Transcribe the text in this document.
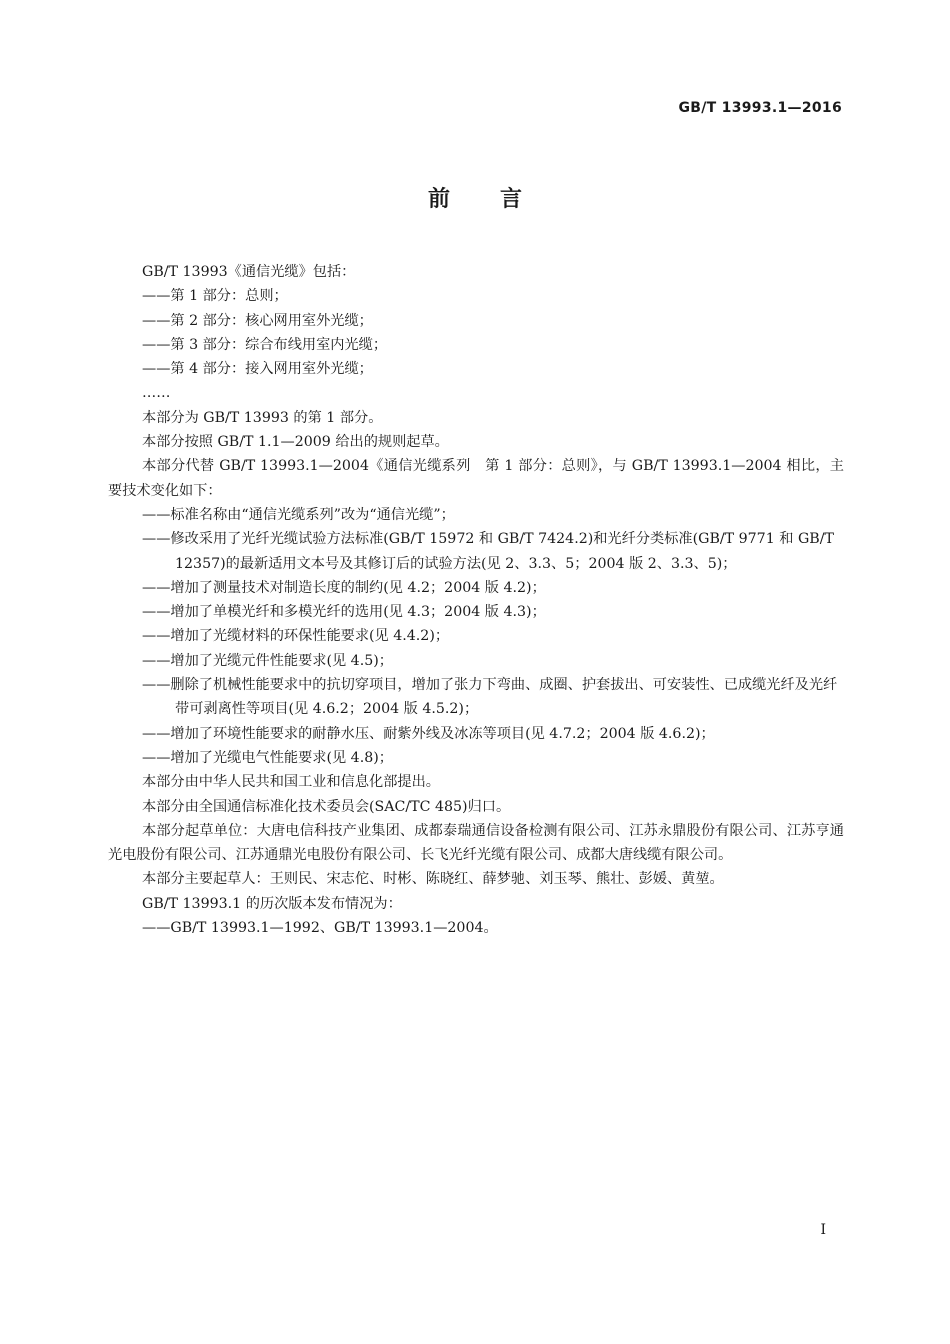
GB/T 13993.1—2016
前言

GB/T 13993《通信光缆》包括：

——第 1 部分：总则；

——第 2 部分：核心网用室外光缆；

——第 3 部分：综合布线用室内光缆；

——第 4 部分：接入网用室外光缆；

……

本部分为 GB/T 13993 的第 1 部分。

本部分按照 GB/T 1.1—2009 给出的规则起草。

本部分代替 GB/T 13993.1—2004《通信光缆系列　第 1 部分：总则》，与 GB/T 13993.1—2004 相比，主要技术变化如下：

——标准名称由“通信光缆系列”改为“通信光缆”；

——修改采用了光纤光缆试验方法标准(GB/T 15972 和 GB/T 7424.2)和光纤分类标准(GB/T 9771 和 GB/T 12357)的最新适用文本号及其修订后的试验方法(见 2、3.3、5；2004 版 2、3.3、5)；

——增加了测量技术对制造长度的制约(见 4.2；2004 版 4.2)；

——增加了单模光纤和多模光纤的选用(见 4.3；2004 版 4.3)；

——增加了光缆材料的环保性能要求(见 4.4.2)；

——增加了光缆元件性能要求(见 4.5)；

——删除了机械性能要求中的抗切穿项目，增加了张力下弯曲、成圈、护套拔出、可安装性、已成缆光纤及光纤带可剥离性等项目(见 4.6.2；2004 版 4.5.2)；

——增加了环境性能要求的耐静水压、耐紫外线及冰冻等项目(见 4.7.2；2004 版 4.6.2)；

——增加了光缆电气性能要求(见 4.8)；

本部分由中华人民共和国工业和信息化部提出。

本部分由全国通信标准化技术委员会(SAC/TC 485)归口。

本部分起草单位：大唐电信科技产业集团、成都泰瑞通信设备检测有限公司、江苏永鼎股份有限公司、江苏亨通光电股份有限公司、江苏通鼎光电股份有限公司、长飞光纤光缆有限公司、成都大唐线缆有限公司。

本部分主要起草人：王则民、宋志佗、时彬、陈晓红、薛梦驰、刘玉琴、熊壮、彭媛、黄堃。

GB/T 13993.1 的历次版本发布情况为：

——GB/T 13993.1—1992、GB/T 13993.1—2004。

I
